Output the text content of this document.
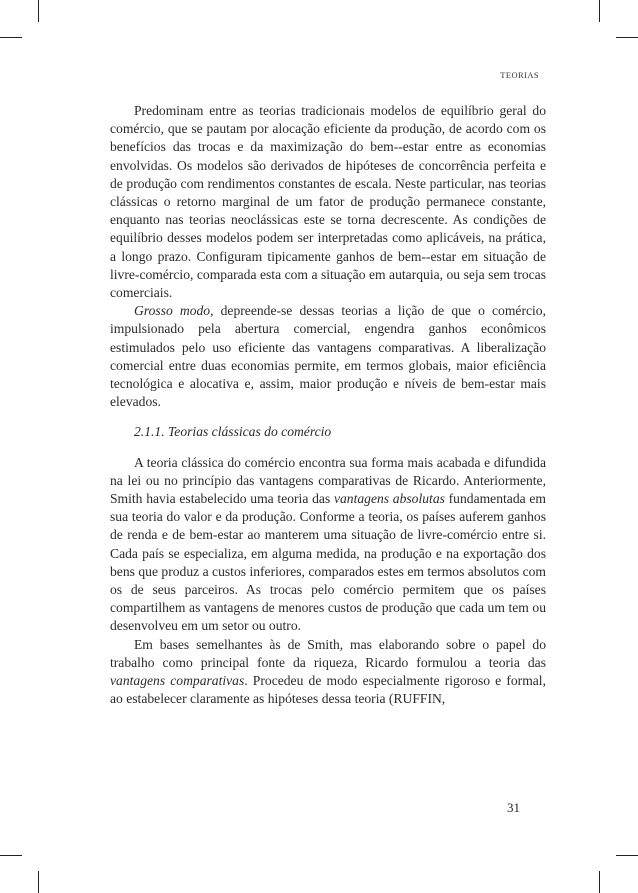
TEORIAS

Predominam entre as teorias tradicionais modelos de equilíbrio geral do comércio, que se pautam por alocação eficiente da produção, de acordo com os benefícios das trocas e da maximização do bem--estar entre as economias envolvidas. Os modelos são derivados de hipóteses de concorrência perfeita e de produção com rendimentos constantes de escala. Neste particular, nas teorias clássicas o retorno marginal de um fator de produção permanece constante, enquanto nas teorias neoclássicas este se torna decrescente. As condições de equilíbrio desses modelos podem ser interpretadas como aplicáveis, na prática, a longo prazo. Configuram tipicamente ganhos de bem--estar em situação de livre-comércio, comparada esta com a situação em autarquia, ou seja sem trocas comerciais.

Grosso modo, depreende-se dessas teorias a lição de que o comércio, impulsionado pela abertura comercial, engendra ganhos econômicos estimulados pelo uso eficiente das vantagens comparativas. A liberalização comercial entre duas economias permite, em termos globais, maior eficiência tecnológica e alocativa e, assim, maior produção e níveis de bem-estar mais elevados.

2.1.1. Teorias clássicas do comércio

A teoria clássica do comércio encontra sua forma mais acabada e difundida na lei ou no princípio das vantagens comparativas de Ricardo. Anteriormente, Smith havia estabelecido uma teoria das vantagens absolutas fundamentada em sua teoria do valor e da produção. Conforme a teoria, os países auferem ganhos de renda e de bem-estar ao manterem uma situação de livre-comércio entre si. Cada país se especializa, em alguma medida, na produção e na exportação dos bens que produz a custos inferiores, comparados estes em termos absolutos com os de seus parceiros. As trocas pelo comércio permitem que os países compartilhem as vantagens de menores custos de produção que cada um tem ou desenvolveu em um setor ou outro.

Em bases semelhantes às de Smith, mas elaborando sobre o papel do trabalho como principal fonte da riqueza, Ricardo formulou a teoria das vantagens comparativas. Procedeu de modo especialmente rigoroso e formal, ao estabelecer claramente as hipóteses dessa teoria (RUFFIN,

31
